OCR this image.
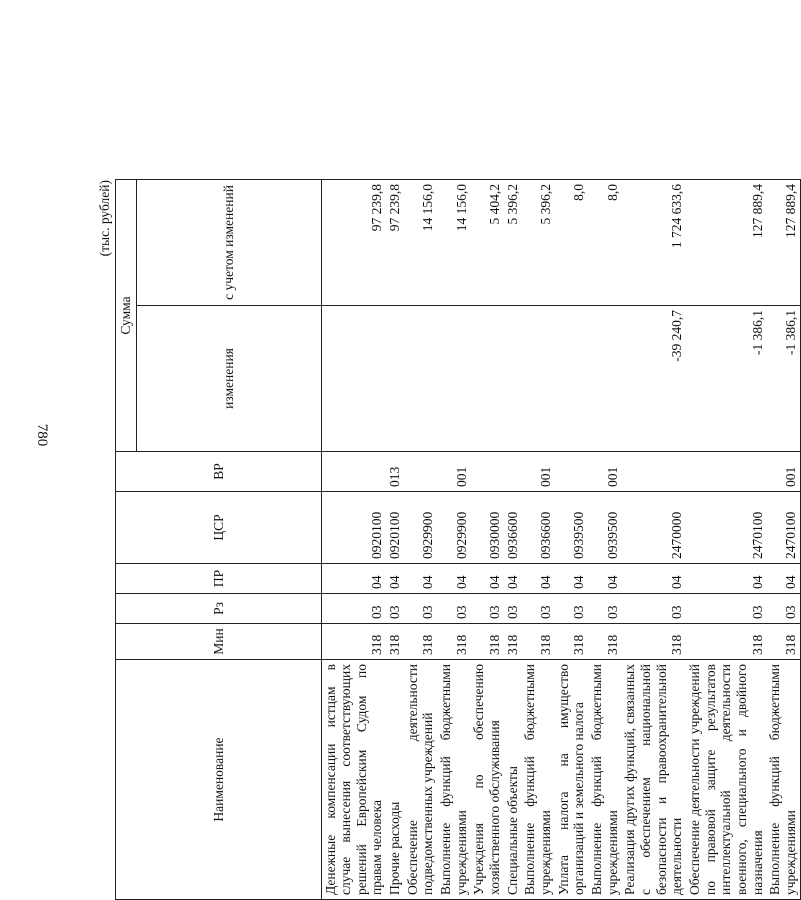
780
(тыс. рублей)
Наименование	Мин	Рз	ПР	ЦСР	ВР	Сумма	
						изменения	с учетом изменений
Денежные компенсации истцам в случае вынесения соответствующих решений Европейским Судом по правам человека	318	03	04	0920100			97 239,8
Прочие расходы	318	03	04	0920100	013		97 239,8
Обеспечение деятельности подведомственных учреждений	318	03	04	0929900			14 156,0
Выполнение функций бюджетными учреждениями	318	03	04	0929900	001		14 156,0
Учреждения по обеспечению хозяйственного обслуживания	318	03	04	0930000			5 404,2
Специальные объекты	318	03	04	0936600			5 396,2
Выполнение функций бюджетными учреждениями	318	03	04	0936600	001		5 396,2
Уплата налога на имущество организаций и земельного налога	318	03	04	0939500			8,0
Выполнение функций бюджетными учреждениями	318	03	04	0939500	001		8,0
Реализация других функций, связанных с обеспечением национальной безопасности и правоохранительной деятельности	318	03	04	2470000		-39 240,7	1 724 633,6
Обеспечение деятельности учреждений по правовой защите результатов интеллектуальной деятельности военного, специального и двойного назначения	318	03	04	2470100		-1 386,1	127 889,4
Выполнение функций бюджетными учреждениями	318	03	04	2470100	001	-1 386,1	127 889,4
